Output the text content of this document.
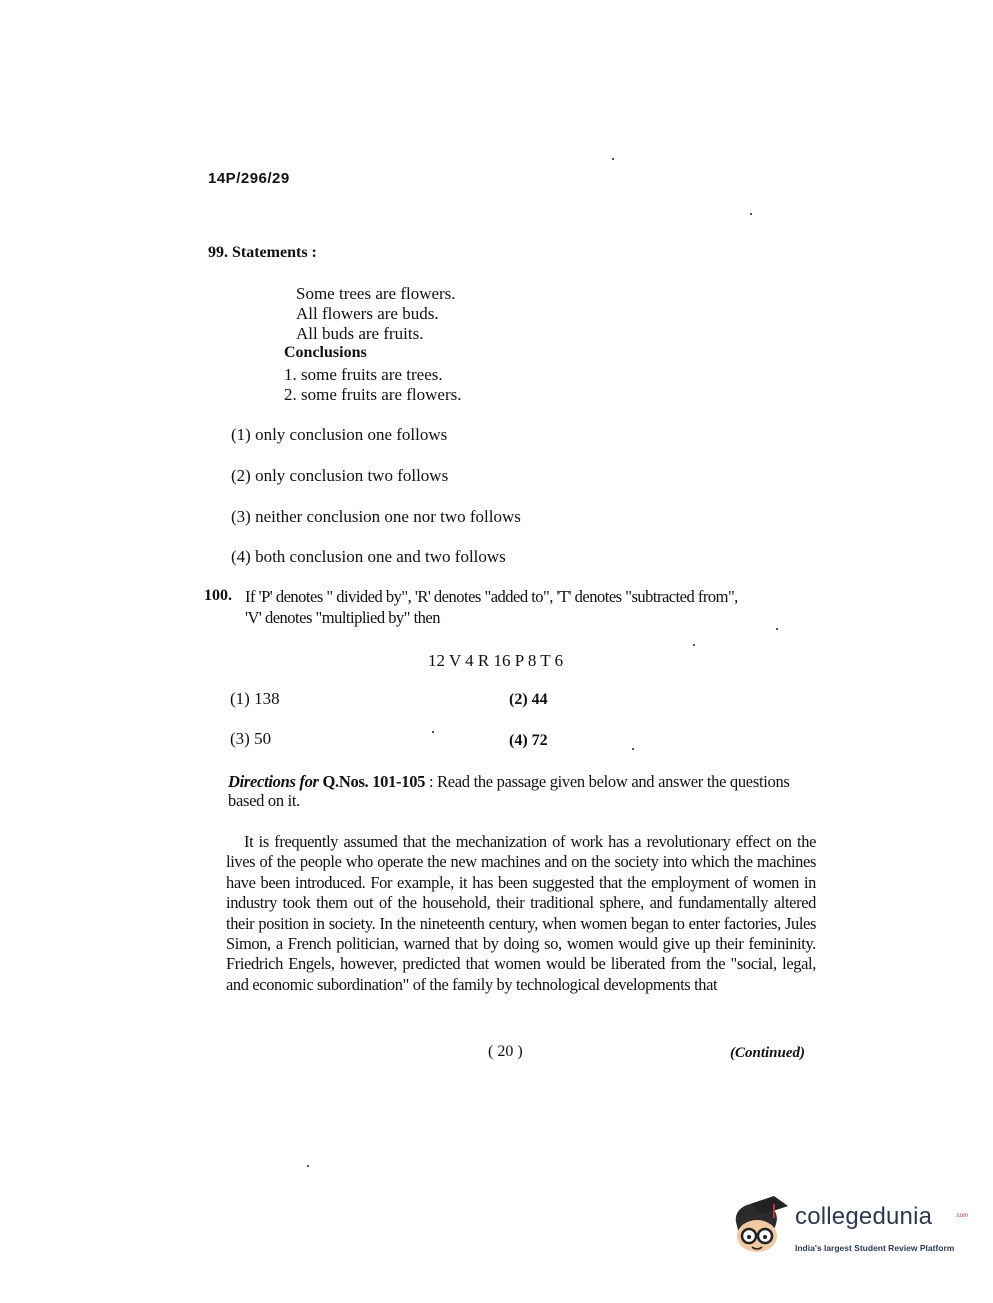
14P/296/29
99. Statements :
Some trees are flowers.
All flowers are buds.
All buds are fruits.
Conclusions
1. some fruits are trees.
2. some fruits are flowers.
(1) only conclusion one follows
(2) only conclusion two follows
(3) neither conclusion one nor two follows
(4) both conclusion one and two follows
100. If 'P' denotes " divided by", 'R' denotes "added to", 'T' denotes "subtracted from",
'V' denotes "multiplied by" then
12 V 4 R 16 P 8 T 6
(1) 138	(2) 44
(3) 50	(4) 72
Directions for Q.Nos. 101-105 : Read the passage given below and answer the questions based on it.
It is frequently assumed that the mechanization of work has a revolutionary effect on the lives of the people who operate the new machines and on the society into which the machines have been introduced. For example, it has been suggested that the employment of women in industry took them out of the household, their traditional sphere, and fundamentally altered their position in society. In the nineteenth century, when women began to enter factories, Jules Simon, a French politician, warned that by doing so, women would give up their femininity. Friedrich Engels, however, predicted that women would be liberated from the "social, legal, and economic subordination" of the family by technological developments that
( 20 )	(Continued)
collegedunia	.com
India's largest Student Review Platform
